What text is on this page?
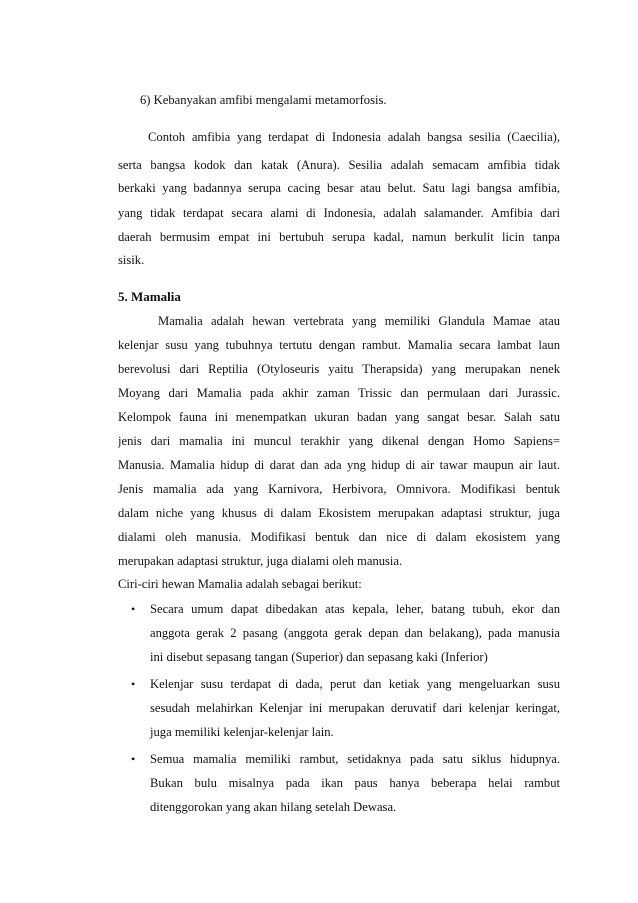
6) Kebanyakan amfibi mengalami metamorfosis.
Contoh amfibia yang terdapat di Indonesia adalah bangsa sesilia (Caecilia),
serta bangsa kodok dan katak (Anura). Sesilia adalah semacam amfibia tidak
berkaki yang badannya serupa cacing besar atau belut. Satu lagi bangsa amfibia,
yang tidak terdapat secara alami di Indonesia, adalah salamander. Amfibia dari
daerah bermusim empat ini bertubuh serupa kadal, namun berkulit licin tanpa
sisik.
5. Mamalia
Mamalia adalah hewan vertebrata yang memiliki Glandula Mamae atau
kelenjar susu yang tubuhnya tertutu dengan rambut. Mamalia secara lambat laun
berevolusi dari Reptilia (Otyloseuris yaitu Therapsida) yang merupakan nenek
Moyang dari Mamalia pada akhir zaman Trissic dan permulaan dari Jurassic.
Kelompok fauna ini menempatkan ukuran badan yang sangat besar. Salah satu
jenis dari mamalia ini muncul terakhir yang dikenal dengan Homo Sapiens=
Manusia. Mamalia hidup di darat dan ada yng hidup di air tawar maupun air laut.
Jenis mamalia ada yang Karnivora, Herbivora, Omnivora. Modifikasi bentuk
dalam niche yang khusus di dalam Ekosistem merupakan adaptasi struktur, juga
dialami oleh manusia. Modifikasi bentuk dan nice di dalam ekosistem yang
merupakan adaptasi struktur, juga dialami oleh manusia.
Ciri-ciri hewan Mamalia adalah sebagai berikut:
•	Secara umum dapat dibedakan atas kepala, leher, batang tubuh, ekor dan
anggota gerak 2 pasang (anggota gerak depan dan belakang), pada manusia
ini disebut sepasang tangan (Superior) dan sepasang kaki (Inferior)
•	Kelenjar susu terdapat di dada, perut dan ketiak yang mengeluarkan susu
sesudah melahirkan Kelenjar ini merupakan deruvatif dari kelenjar keringat,
juga memiliki kelenjar-kelenjar lain.
•	Semua mamalia memiliki rambut, setidaknya pada satu siklus hidupnya.
Bukan bulu misalnya pada ikan paus hanya beberapa helai rambut
ditenggorokan yang akan hilang setelah Dewasa.
